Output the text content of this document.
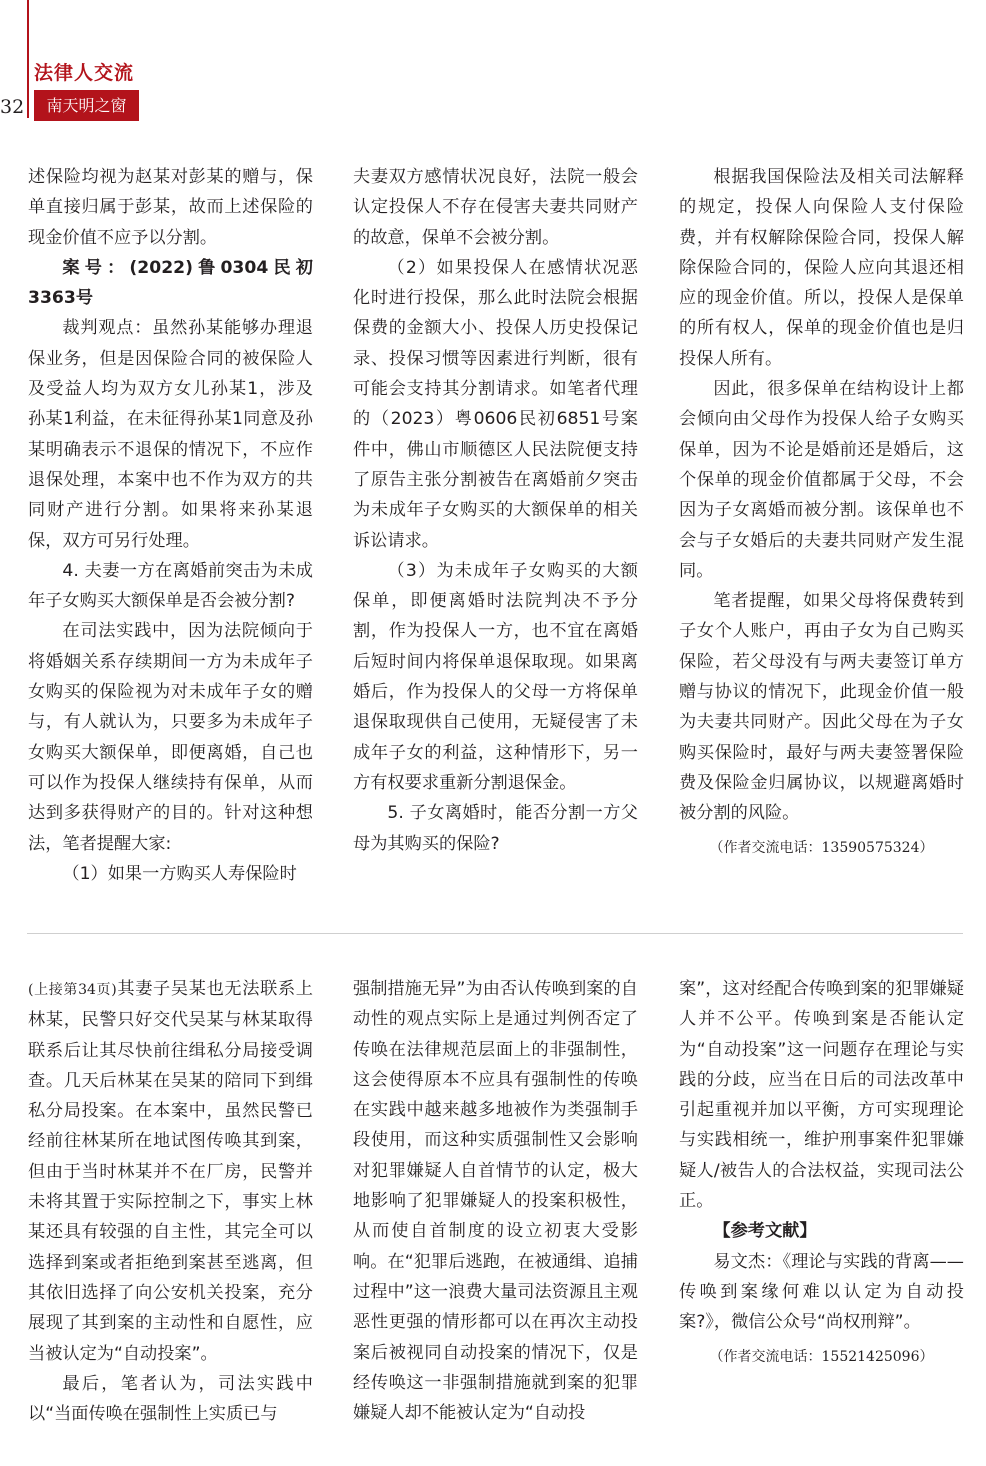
32
法律人交流
南天明之窗

述保险均视为赵某对彭某的赠与，保单直接归属于彭某，故而上述保险的现金价值不应予以分割。

案号：(2022)鲁0304民初3363号

裁判观点：虽然孙某能够办理退保业务，但是因保险合同的被保险人及受益人均为双方女儿孙某1，涉及孙某1利益，在未征得孙某1同意及孙某明确表示不退保的情况下，不应作退保处理，本案中也不作为双方的共同财产进行分割。如果将来孙某退保，双方可另行处理。

4. 夫妻一方在离婚前突击为未成年子女购买大额保单是否会被分割?

在司法实践中，因为法院倾向于将婚姻关系存续期间一方为未成年子女购买的保险视为对未成年子女的赠与，有人就认为，只要多为未成年子女购买大额保单，即便离婚，自己也可以作为投保人继续持有保单，从而达到多获得财产的目的。针对这种想法，笔者提醒大家:

（1）如果一方购买人寿保险时

夫妻双方感情状况良好，法院一般会认定投保人不存在侵害夫妻共同财产的故意，保单不会被分割。

（2）如果投保人在感情状况恶化时进行投保，那么此时法院会根据保费的金额大小、投保人历史投保记录、投保习惯等因素进行判断，很有可能会支持其分割请求。如笔者代理的（2023）粤0606民初6851号案件中，佛山市顺德区人民法院便支持了原告主张分割被告在离婚前夕突击为未成年子女购买的大额保单的相关诉讼请求。

（3）为未成年子女购买的大额保单，即便离婚时法院判决不予分割，作为投保人一方，也不宜在离婚后短时间内将保单退保取现。如果离婚后，作为投保人的父母一方将保单退保取现供自己使用，无疑侵害了未成年子女的利益，这种情形下，另一方有权要求重新分割退保金。

5. 子女离婚时，能否分割一方父母为其购买的保险?

根据我国保险法及相关司法解释的规定，投保人向保险人支付保险费，并有权解除保险合同，投保人解除保险合同的，保险人应向其退还相应的现金价值。所以，投保人是保单的所有权人，保单的现金价值也是归投保人所有。

因此，很多保单在结构设计上都会倾向由父母作为投保人给子女购买保单，因为不论是婚前还是婚后，这个保单的现金价值都属于父母，不会因为子女离婚而被分割。该保单也不会与子女婚后的夫妻共同财产发生混同。

笔者提醒，如果父母将保费转到子女个人账户，再由子女为自己购买保险，若父母没有与两夫妻签订单方赠与协议的情况下，此现金价值一般为夫妻共同财产。因此父母在为子女购买保险时，最好与两夫妻签署保险费及保险金归属协议，以规避离婚时被分割的风险。

（作者交流电话：13590575324）

(上接第34页)其妻子吴某也无法联系上林某，民警只好交代吴某与林某取得联系后让其尽快前往缉私分局接受调查。几天后林某在吴某的陪同下到缉私分局投案。在本案中，虽然民警已经前往林某所在地试图传唤其到案，但由于当时林某并不在厂房，民警并未将其置于实际控制之下，事实上林某还具有较强的自主性，其完全可以选择到案或者拒绝到案甚至逃离，但其依旧选择了向公安机关投案，充分展现了其到案的主动性和自愿性，应当被认定为“自动投案”。

最后，笔者认为，司法实践中以“当面传唤在强制性上实质已与

强制措施无异”为由否认传唤到案的自动性的观点实际上是通过判例否定了传唤在法律规范层面上的非强制性，这会使得原本不应具有强制性的传唤在实践中越来越多地被作为类强制手段使用，而这种实质强制性又会影响对犯罪嫌疑人自首情节的认定，极大地影响了犯罪嫌疑人的投案积极性，从而使自首制度的设立初衷大受影响。在“犯罪后逃跑，在被通缉、追捕过程中”这一浪费大量司法资源且主观恶性更强的情形都可以在再次主动投案后被视同自动投案的情况下，仅是经传唤这一非强制措施就到案的犯罪嫌疑人却不能被认定为“自动投

案”，这对经配合传唤到案的犯罪嫌疑人并不公平。传唤到案是否能认定为“自动投案”这一问题存在理论与实践的分歧，应当在日后的司法改革中引起重视并加以平衡，方可实现理论与实践相统一，维护刑事案件犯罪嫌疑人/被告人的合法权益，实现司法公正。

【参考文献】

易文杰：《理论与实践的背离——传唤到案缘何难以认定为自动投案?》，微信公众号“尚权刑辩”。

（作者交流电话：15521425096）
